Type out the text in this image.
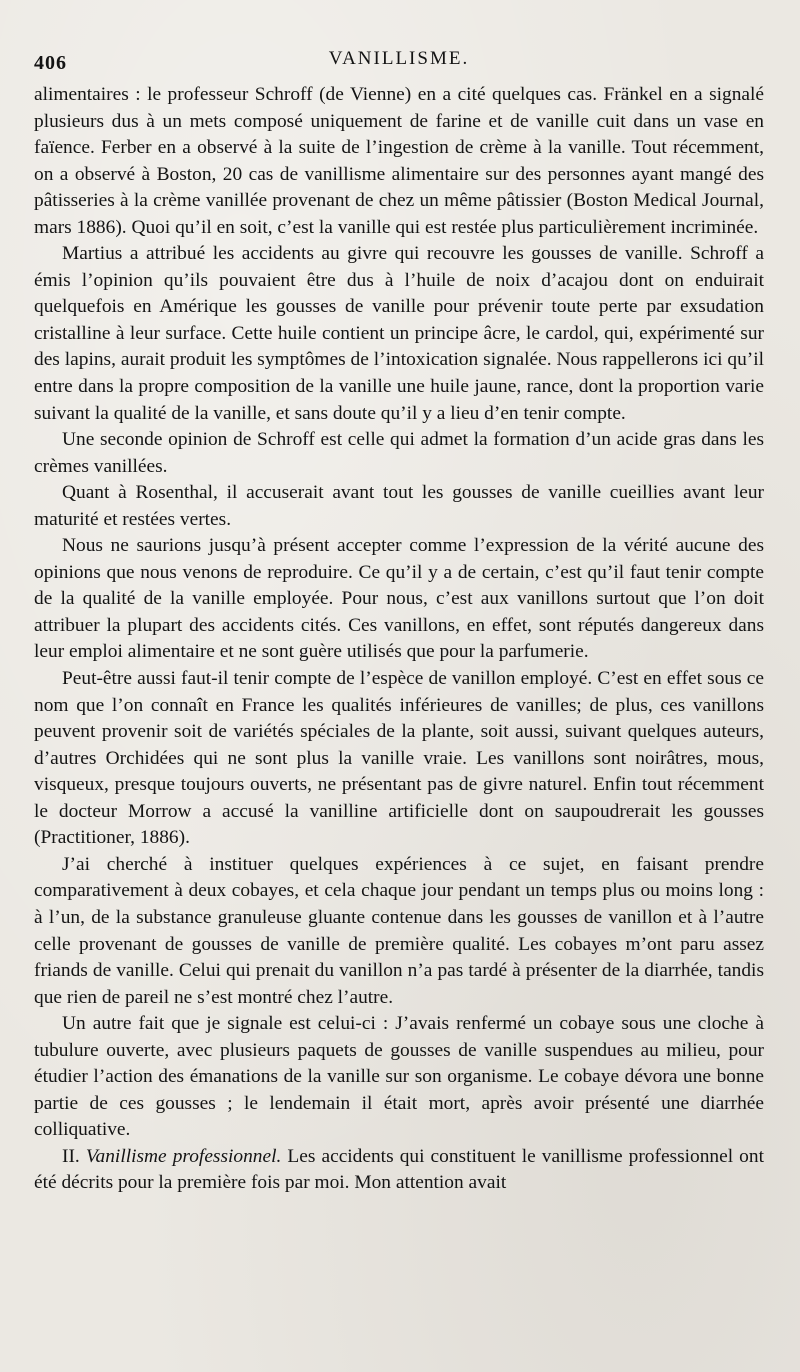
406	VANILLISME.

alimentaires : le professeur Schroff (de Vienne) en a cité quelques cas. Fränkel en a signalé plusieurs dus à un mets composé uniquement de farine et de vanille cuit dans un vase en faïence. Ferber en a observé à la suite de l’ingestion de crème à la vanille. Tout récemment, on a observé à Boston, 20 cas de vanillisme alimentaire sur des personnes ayant mangé des pâtisseries à la crème vanillée provenant de chez un même pâtissier (Boston Medical Journal, mars 1886). Quoi qu’il en soit, c’est la vanille qui est restée plus particulièrement incriminée.

Martius a attribué les accidents au givre qui recouvre les gousses de vanille. Schroff a émis l’opinion qu’ils pouvaient être dus à l’huile de noix d’acajou dont on enduirait quelquefois en Amérique les gousses de vanille pour prévenir toute perte par exsudation cristalline à leur surface. Cette huile contient un principe âcre, le cardol, qui, expérimenté sur des lapins, aurait produit les symptômes de l’intoxication signalée. Nous rappellerons ici qu’il entre dans la propre composition de la vanille une huile jaune, rance, dont la proportion varie suivant la qualité de la vanille, et sans doute qu’il y a lieu d’en tenir compte.

Une seconde opinion de Schroff est celle qui admet la formation d’un acide gras dans les crèmes vanillées.

Quant à Rosenthal, il accuserait avant tout les gousses de vanille cueillies avant leur maturité et restées vertes.

Nous ne saurions jusqu’à présent accepter comme l’expression de la vérité aucune des opinions que nous venons de reproduire. Ce qu’il y a de certain, c’est qu’il faut tenir compte de la qualité de la vanille employée. Pour nous, c’est aux vanillons surtout que l’on doit attribuer la plupart des accidents cités. Ces vanillons, en effet, sont réputés dangereux dans leur emploi alimentaire et ne sont guère utilisés que pour la parfumerie.

Peut-être aussi faut-il tenir compte de l’espèce de vanillon employé. C’est en effet sous ce nom que l’on connaît en France les qualités inférieures de vanilles; de plus, ces vanillons peuvent provenir soit de variétés spéciales de la plante, soit aussi, suivant quelques auteurs, d’autres Orchidées qui ne sont plus la vanille vraie. Les vanillons sont noirâtres, mous, visqueux, presque toujours ouverts, ne présentant pas de givre naturel. Enfin tout récemment le docteur Morrow a accusé la vanilline artificielle dont on saupoudrerait les gousses (Practitioner, 1886).

J’ai cherché à instituer quelques expériences à ce sujet, en faisant prendre comparativement à deux cobayes, et cela chaque jour pendant un temps plus ou moins long : à l’un, de la substance granuleuse gluante contenue dans les gousses de vanillon et à l’autre celle provenant de gousses de vanille de première qualité. Les cobayes m’ont paru assez friands de vanille. Celui qui prenait du vanillon n’a pas tardé à présenter de la diarrhée, tandis que rien de pareil ne s’est montré chez l’autre.

Un autre fait que je signale est celui-ci : J’avais renfermé un cobaye sous une cloche à tubulure ouverte, avec plusieurs paquets de gousses de vanille suspendues au milieu, pour étudier l’action des émanations de la vanille sur son organisme. Le cobaye dévora une bonne partie de ces gousses ; le lendemain il était mort, après avoir présenté une diarrhée colliquative.

II. Vanillisme professionnel. Les accidents qui constituent le vanillisme professionnel ont été décrits pour la première fois par moi. Mon attention avait
